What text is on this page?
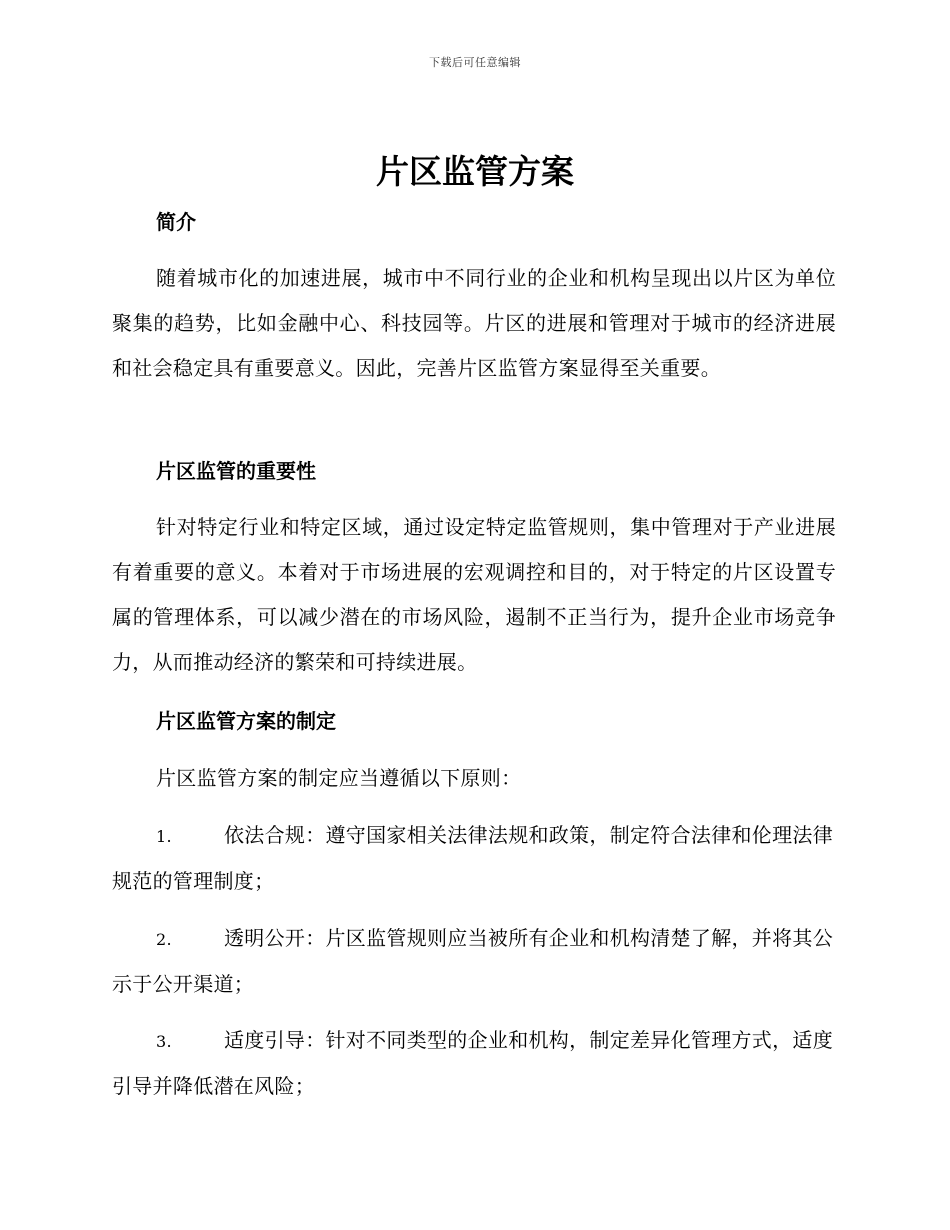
下载后可任意编辑
片区监管方案
简介

随着城市化的加速进展，城市中不同行业的企业和机构呈现出以片区为单位聚集的趋势，比如金融中心、科技园等。片区的进展和管理对于城市的经济进展和社会稳定具有重要意义。因此，完善片区监管方案显得至关重要。

片区监管的重要性

针对特定行业和特定区域，通过设定特定监管规则，集中管理对于产业进展有着重要的意义。本着对于市场进展的宏观调控和目的，对于特定的片区设置专属的管理体系，可以减少潜在的市场风险，遏制不正当行为，提升企业市场竞争力，从而推动经济的繁荣和可持续进展。

片区监管方案的制定

片区监管方案的制定应当遵循以下原则：

1.	依法合规：遵守国家相关法律法规和政策，制定符合法律和伦理法律规范的管理制度；

2.	透明公开：片区监管规则应当被所有企业和机构清楚了解，并将其公示于公开渠道；

3.	适度引导：针对不同类型的企业和机构，制定差异化管理方式，适度引导并降低潜在风险；
